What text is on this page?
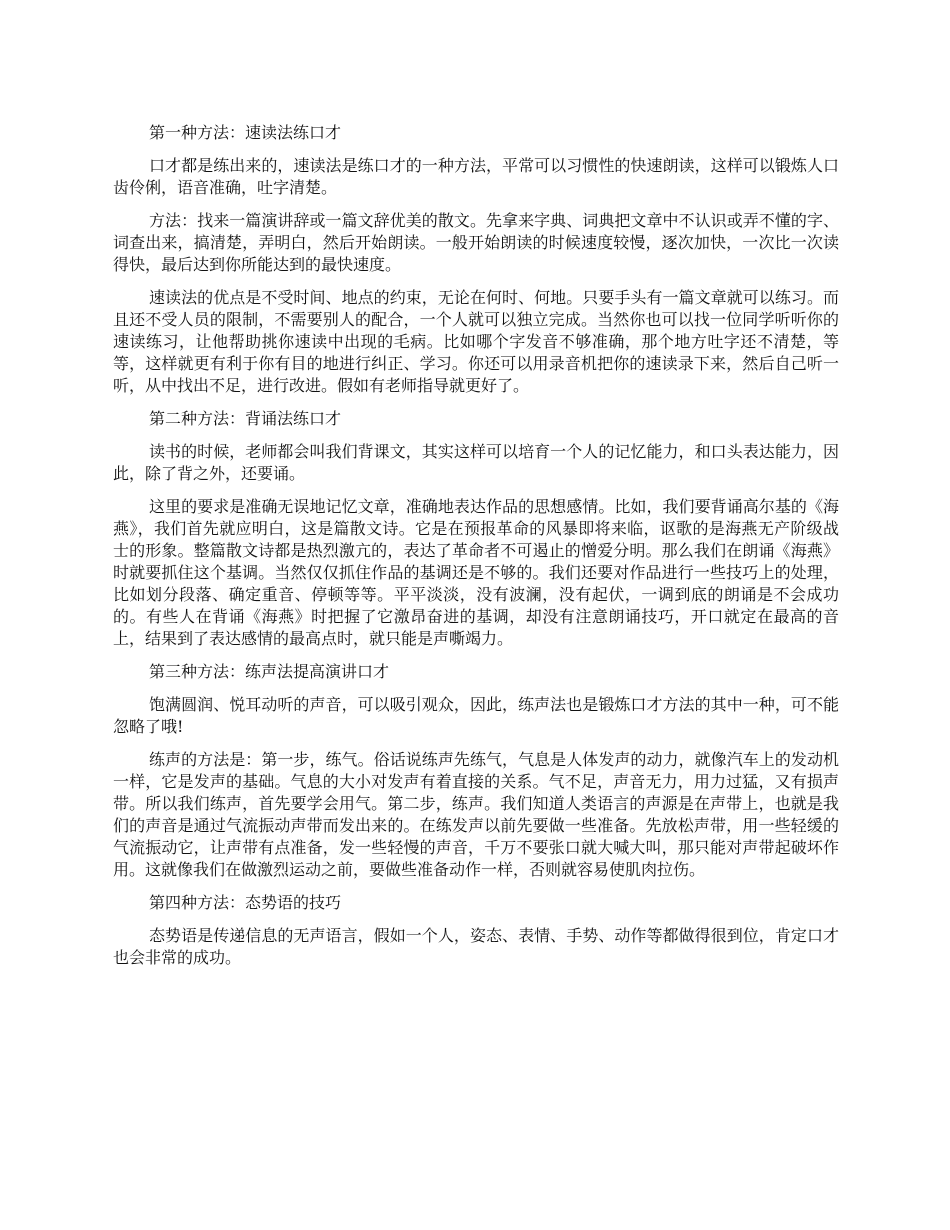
第一种方法：速读法练口才

口才都是练出来的，速读法是练口才的一种方法，平常可以习惯性的快速朗读，这样可以锻炼人口齿伶俐，语音准确，吐字清楚。

方法：找来一篇演讲辞或一篇文辞优美的散文。先拿来字典、词典把文章中不认识或弄不懂的字、词查出来，搞清楚，弄明白，然后开始朗读。一般开始朗读的时候速度较慢，逐次加快，一次比一次读得快，最后达到你所能达到的最快速度。

速读法的优点是不受时间、地点的约束，无论在何时、何地。只要手头有一篇文章就可以练习。而且还不受人员的限制，不需要别人的配合，一个人就可以独立完成。当然你也可以找一位同学听听你的速读练习，让他帮助挑你速读中出现的毛病。比如哪个字发音不够准确，那个地方吐字还不清楚，等等，这样就更有利于你有目的地进行纠正、学习。你还可以用录音机把你的速读录下来，然后自己听一听，从中找出不足，进行改进。假如有老师指导就更好了。

第二种方法：背诵法练口才

读书的时候，老师都会叫我们背课文，其实这样可以培育一个人的记忆能力，和口头表达能力，因此，除了背之外，还要诵。

这里的要求是准确无误地记忆文章，准确地表达作品的思想感情。比如，我们要背诵高尔基的《海燕》，我们首先就应明白，这是篇散文诗。它是在预报革命的风暴即将来临，讴歌的是海燕无产阶级战士的形象。整篇散文诗都是热烈激亢的，表达了革命者不可遏止的憎爱分明。那么我们在朗诵《海燕》时就要抓住这个基调。当然仅仅抓住作品的基调还是不够的。我们还要对作品进行一些技巧上的处理，比如划分段落、确定重音、停顿等等。平平淡淡，没有波澜，没有起伏，一调到底的朗诵是不会成功的。有些人在背诵《海燕》时把握了它激昂奋进的基调，却没有注意朗诵技巧，开口就定在最高的音上，结果到了表达感情的最高点时，就只能是声嘶竭力。

第三种方法：练声法提高演讲口才

饱满圆润、悦耳动听的声音，可以吸引观众，因此，练声法也是锻炼口才方法的其中一种，可不能忽略了哦!

练声的方法是：第一步，练气。俗话说练声先练气，气息是人体发声的动力，就像汽车上的发动机一样，它是发声的基础。气息的大小对发声有着直接的关系。气不足，声音无力，用力过猛，又有损声带。所以我们练声，首先要学会用气。第二步，练声。我们知道人类语言的声源是在声带上，也就是我们的声音是通过气流振动声带而发出来的。在练发声以前先要做一些准备。先放松声带，用一些轻缓的气流振动它，让声带有点准备，发一些轻慢的声音，千万不要张口就大喊大叫，那只能对声带起破坏作用。这就像我们在做激烈运动之前，要做些准备动作一样，否则就容易使肌肉拉伤。

第四种方法：态势语的技巧

态势语是传递信息的无声语言，假如一个人，姿态、表情、手势、动作等都做得很到位，肯定口才也会非常的成功。
